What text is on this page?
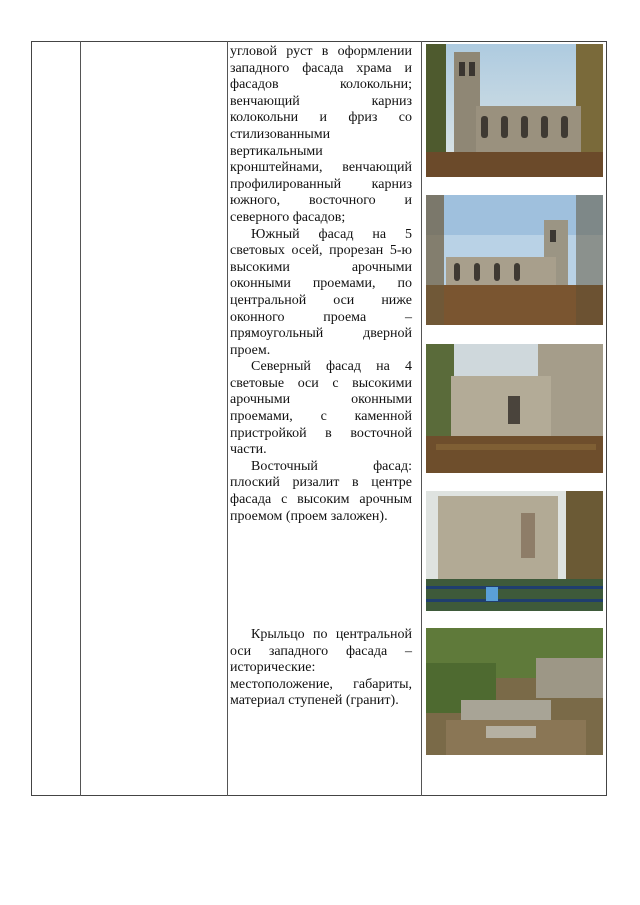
угловой руст в оформлении западного фасада храма и фасадов колокольни; венчающий карниз колокольни и фриз со стилизованными вертикальными кронштейнами, венчающий профилированный карниз южного, восточного и северного фасадов;

Южный фасад на 5 световых осей, прорезан 5-ю высокими арочными оконными проемами, по центральной оси ниже оконного проема – прямоугольный дверной проем.

Северный фасад на 4 световые оси с высокими арочными оконными проемами, с каменной пристройкой в восточной части.

Восточный фасад: плоский ризалит в центре фасада с высоким арочным проемом (проем заложен).

Крыльцо по центральной оси западного фасада – исторические: местоположение, габариты, материал ступеней (гранит).
